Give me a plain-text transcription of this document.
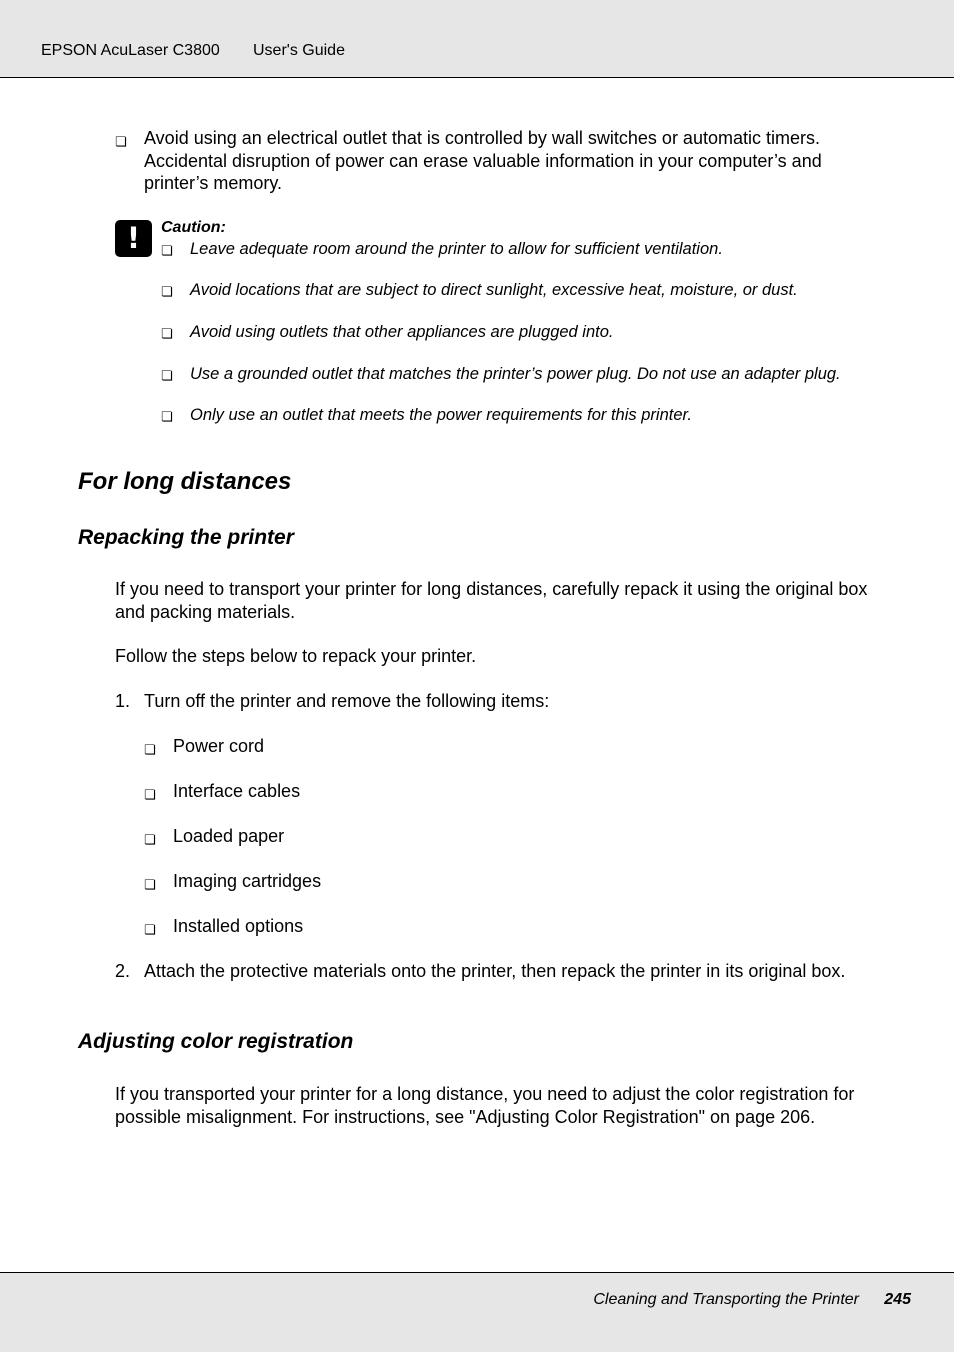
EPSON AcuLaser C3800 User's Guide
❏ Avoid using an electrical outlet that is controlled by wall switches or automatic timers. Accidental disruption of power can erase valuable information in your computer’s and printer’s memory.
!	Caution:
❏ Leave adequate room around the printer to allow for sufficient ventilation.
❏ Avoid locations that are subject to direct sunlight, excessive heat, moisture, or dust.
❏ Avoid using outlets that other appliances are plugged into.
❏ Use a grounded outlet that matches the printer’s power plug. Do not use an adapter plug.
❏ Only use an outlet that meets the power requirements for this printer.
For long distances
Repacking the printer
If you need to transport your printer for long distances, carefully repack it using the original box and packing materials.
Follow the steps below to repack your printer.
1. Turn off the printer and remove the following items:
❏ Power cord
❏ Interface cables
❏ Loaded paper
❏ Imaging cartridges
❏ Installed options
2. Attach the protective materials onto the printer, then repack the printer in its original box.
Adjusting color registration
If you transported your printer for a long distance, you need to adjust the color registration for possible misalignment. For instructions, see "Adjusting Color Registration" on page 206.
Cleaning and Transporting the Printer 245
